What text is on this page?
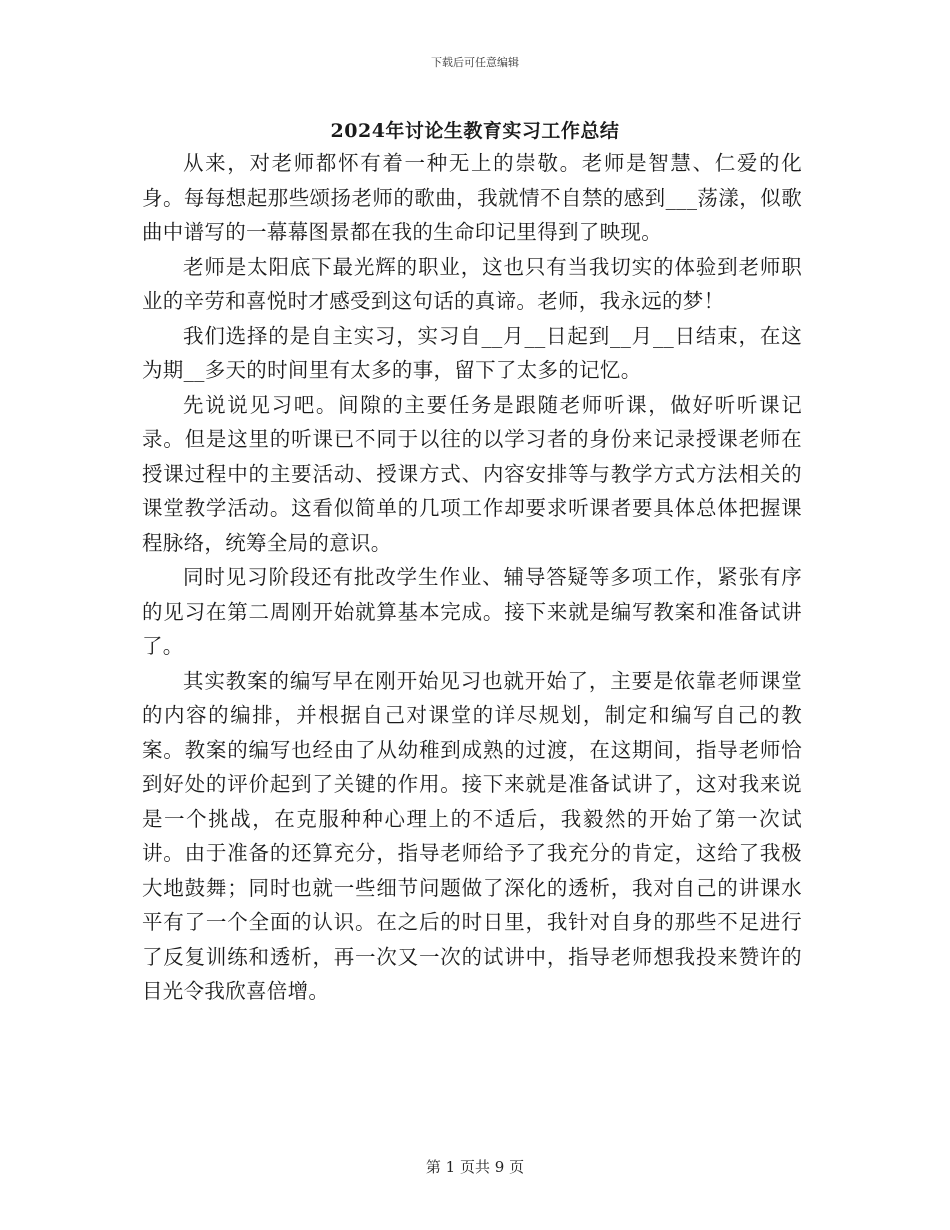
下载后可任意编辑
2024年讨论生教育实习工作总结

从来，对老师都怀有着一种无上的崇敬。老师是智慧、仁爱的化身。每每想起那些颂扬老师的歌曲，我就情不自禁的感到___荡漾，似歌曲中谱写的一幕幕图景都在我的生命印记里得到了映现。

老师是太阳底下最光辉的职业，这也只有当我切实的体验到老师职业的辛劳和喜悦时才感受到这句话的真谛。老师，我永远的梦！

我们选择的是自主实习，实习自__月__日起到__月__日结束，在这为期__多天的时间里有太多的事，留下了太多的记忆。

先说说见习吧。间隙的主要任务是跟随老师听课，做好听听课记录。但是这里的听课已不同于以往的以学习者的身份来记录授课老师在授课过程中的主要活动、授课方式、内容安排等与教学方式方法相关的课堂教学活动。这看似简单的几项工作却要求听课者要具体总体把握课程脉络，统筹全局的意识。

同时见习阶段还有批改学生作业、辅导答疑等多项工作，紧张有序的见习在第二周刚开始就算基本完成。接下来就是编写教案和准备试讲了。

其实教案的编写早在刚开始见习也就开始了，主要是依靠老师课堂的内容的编排，并根据自己对课堂的详尽规划，制定和编写自己的教案。教案的编写也经由了从幼稚到成熟的过渡，在这期间，指导老师恰到好处的评价起到了关键的作用。接下来就是准备试讲了，这对我来说是一个挑战，在克服种种心理上的不适后，我毅然的开始了第一次试讲。由于准备的还算充分，指导老师给予了我充分的肯定，这给了我极大地鼓舞；同时也就一些细节问题做了深化的透析，我对自己的讲课水平有了一个全面的认识。在之后的时日里，我针对自身的那些不足进行了反复训练和透析，再一次又一次的试讲中，指导老师想我投来赞许的目光令我欣喜倍增。

第 1 页共 9 页
